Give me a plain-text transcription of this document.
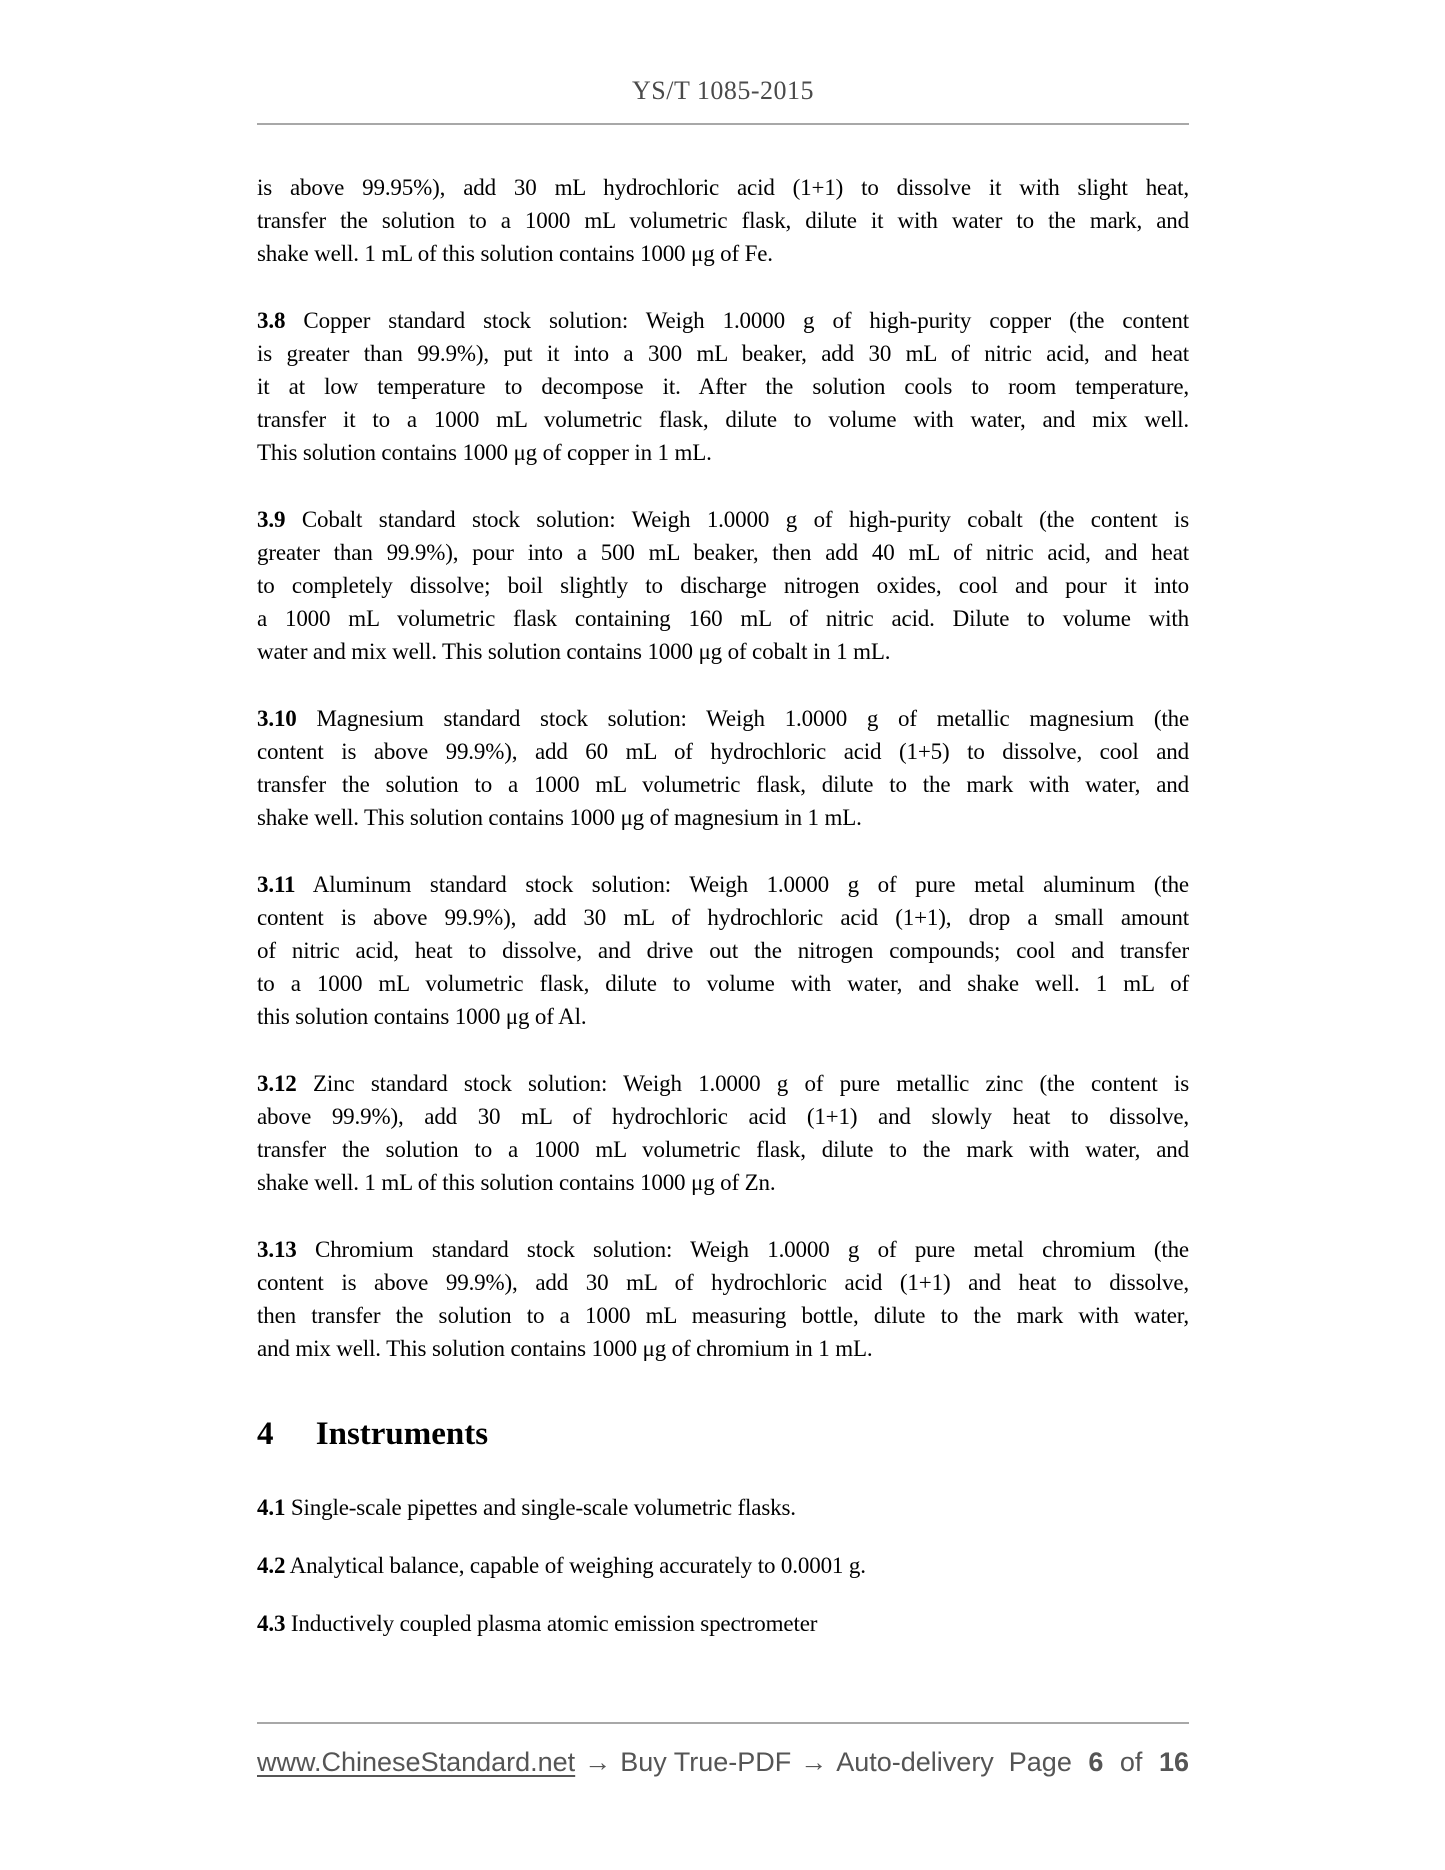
YS/T 1085-2015
is above 99.95%), add 30 mL hydrochloric acid (1+1) to dissolve it with slight heat,
transfer the solution to a 1000 mL volumetric flask, dilute it with water to the mark, and
shake well. 1 mL of this solution contains 1000 μg of Fe.
3.8 Copper standard stock solution: Weigh 1.0000 g of high-purity copper (the content
is greater than 99.9%), put it into a 300 mL beaker, add 30 mL of nitric acid, and heat
it at low temperature to decompose it. After the solution cools to room temperature,
transfer it to a 1000 mL volumetric flask, dilute to volume with water, and mix well.
This solution contains 1000 μg of copper in 1 mL.
3.9 Cobalt standard stock solution: Weigh 1.0000 g of high-purity cobalt (the content is
greater than 99.9%), pour into a 500 mL beaker, then add 40 mL of nitric acid, and heat
to completely dissolve; boil slightly to discharge nitrogen oxides, cool and pour it into
a 1000 mL volumetric flask containing 160 mL of nitric acid. Dilute to volume with
water and mix well. This solution contains 1000 μg of cobalt in 1 mL.
3.10 Magnesium standard stock solution: Weigh 1.0000 g of metallic magnesium (the
content is above 99.9%), add 60 mL of hydrochloric acid (1+5) to dissolve, cool and
transfer the solution to a 1000 mL volumetric flask, dilute to the mark with water, and
shake well. This solution contains 1000 μg of magnesium in 1 mL.
3.11 Aluminum standard stock solution: Weigh 1.0000 g of pure metal aluminum (the
content is above 99.9%), add 30 mL of hydrochloric acid (1+1), drop a small amount
of nitric acid, heat to dissolve, and drive out the nitrogen compounds; cool and transfer
to a 1000 mL volumetric flask, dilute to volume with water, and shake well. 1 mL of
this solution contains 1000 μg of Al.
3.12 Zinc standard stock solution: Weigh 1.0000 g of pure metallic zinc (the content is
above 99.9%), add 30 mL of hydrochloric acid (1+1) and slowly heat to dissolve,
transfer the solution to a 1000 mL volumetric flask, dilute to the mark with water, and
shake well. 1 mL of this solution contains 1000 μg of Zn.
3.13 Chromium standard stock solution: Weigh 1.0000 g of pure metal chromium (the
content is above 99.9%), add 30 mL of hydrochloric acid (1+1) and heat to dissolve,
then transfer the solution to a 1000 mL measuring bottle, dilute to the mark with water,
and mix well. This solution contains 1000 μg of chromium in 1 mL.
4 Instruments
4.1 Single-scale pipettes and single-scale volumetric flasks.
4.2 Analytical balance, capable of weighing accurately to 0.0001 g.
4.3 Inductively coupled plasma atomic emission spectrometer
www.ChineseStandard.net → Buy True-PDF → Auto-delivery Page 6 of 16
